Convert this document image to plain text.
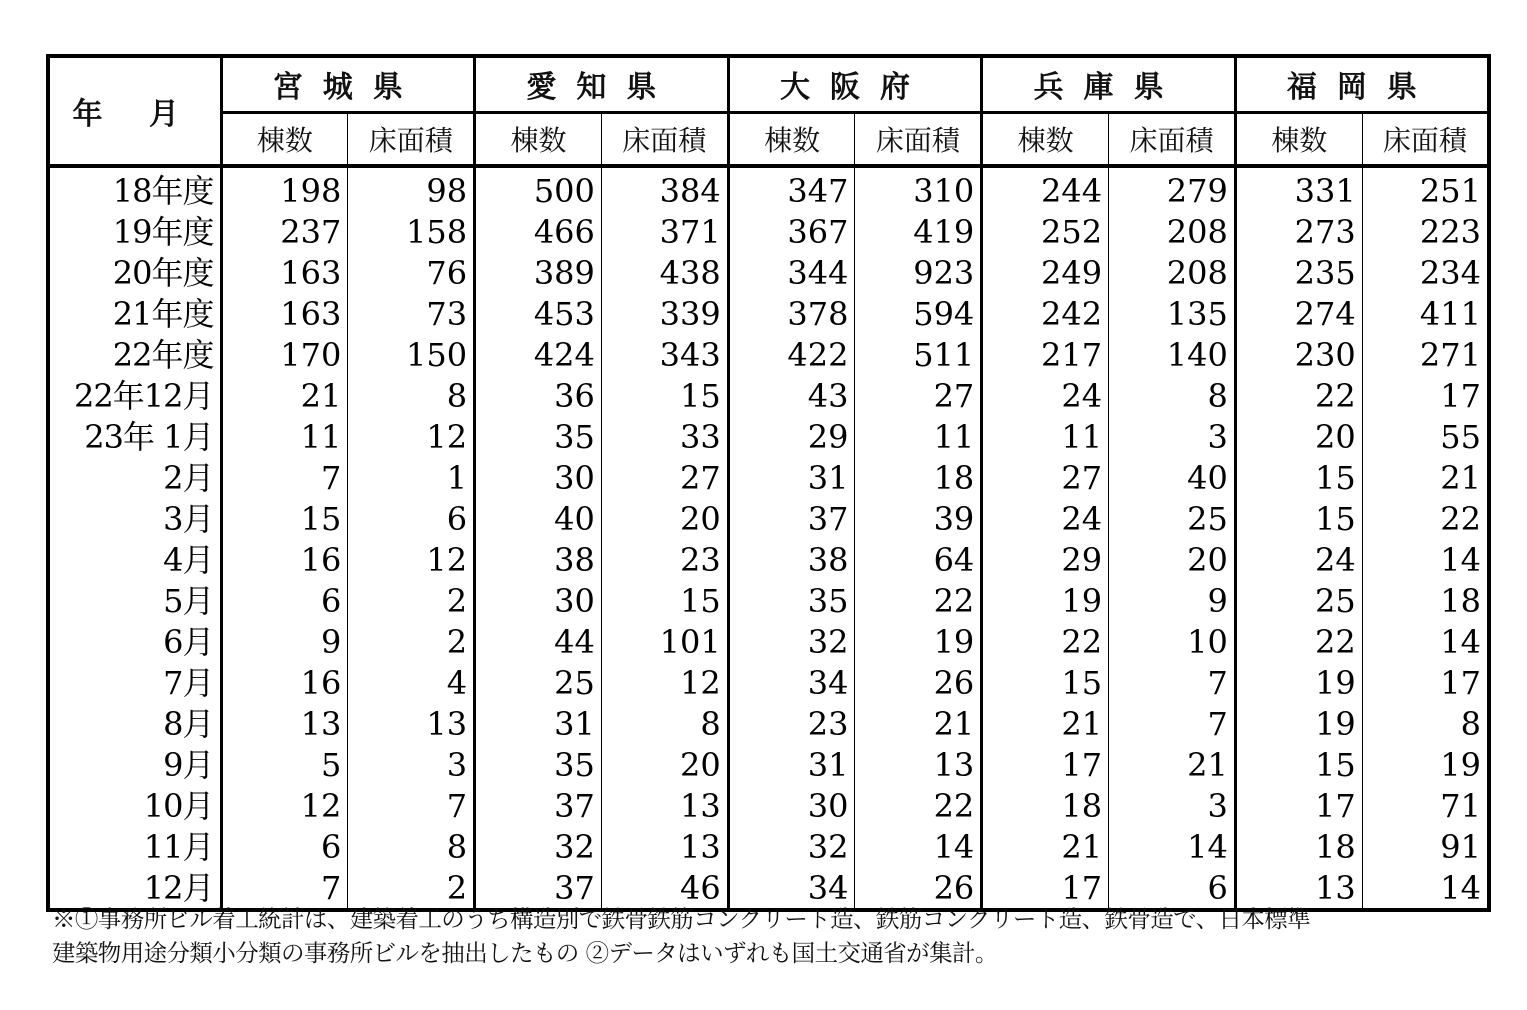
年 月	宮城県		愛知県		大阪府		兵庫県		福岡県	
	棟数	床面積	棟数	床面積	棟数	床面積	棟数	床面積	棟数	床面積
18年度	198	98	500	384	347	310	244	279	331	251
19年度	237	158	466	371	367	419	252	208	273	223
20年度	163	76	389	438	344	923	249	208	235	234
21年度	163	73	453	339	378	594	242	135	274	411
22年度	170	150	424	343	422	511	217	140	230	271
22年12月	21	8	36	15	43	27	24	8	22	17
23年 1月	11	12	35	33	29	11	11	3	20	55
2月	7	1	30	27	31	18	27	40	15	21
3月	15	6	40	20	37	39	24	25	15	22
4月	16	12	38	23	38	64	29	20	24	14
5月	6	2	30	15	35	22	19	9	25	18
6月	9	2	44	101	32	19	22	10	22	14
7月	16	4	25	12	34	26	15	7	19	17
8月	13	13	31	8	23	21	21	7	19	8
9月	5	3	35	20	31	13	17	21	15	19
10月	12	7	37	13	30	22	18	3	17	71
11月	6	8	32	13	32	14	21	14	18	91
12月	7	2	37	46	34	26	17	6	13	14
※①事務所ビル着工統計は、建築着工のうち構造別で鉄骨鉄筋コンクリート造、鉄筋コンクリート造、鉄骨造で、日本標準
建築物用途分類小分類の事務所ビルを抽出したもの ②データはいずれも国土交通省が集計。
